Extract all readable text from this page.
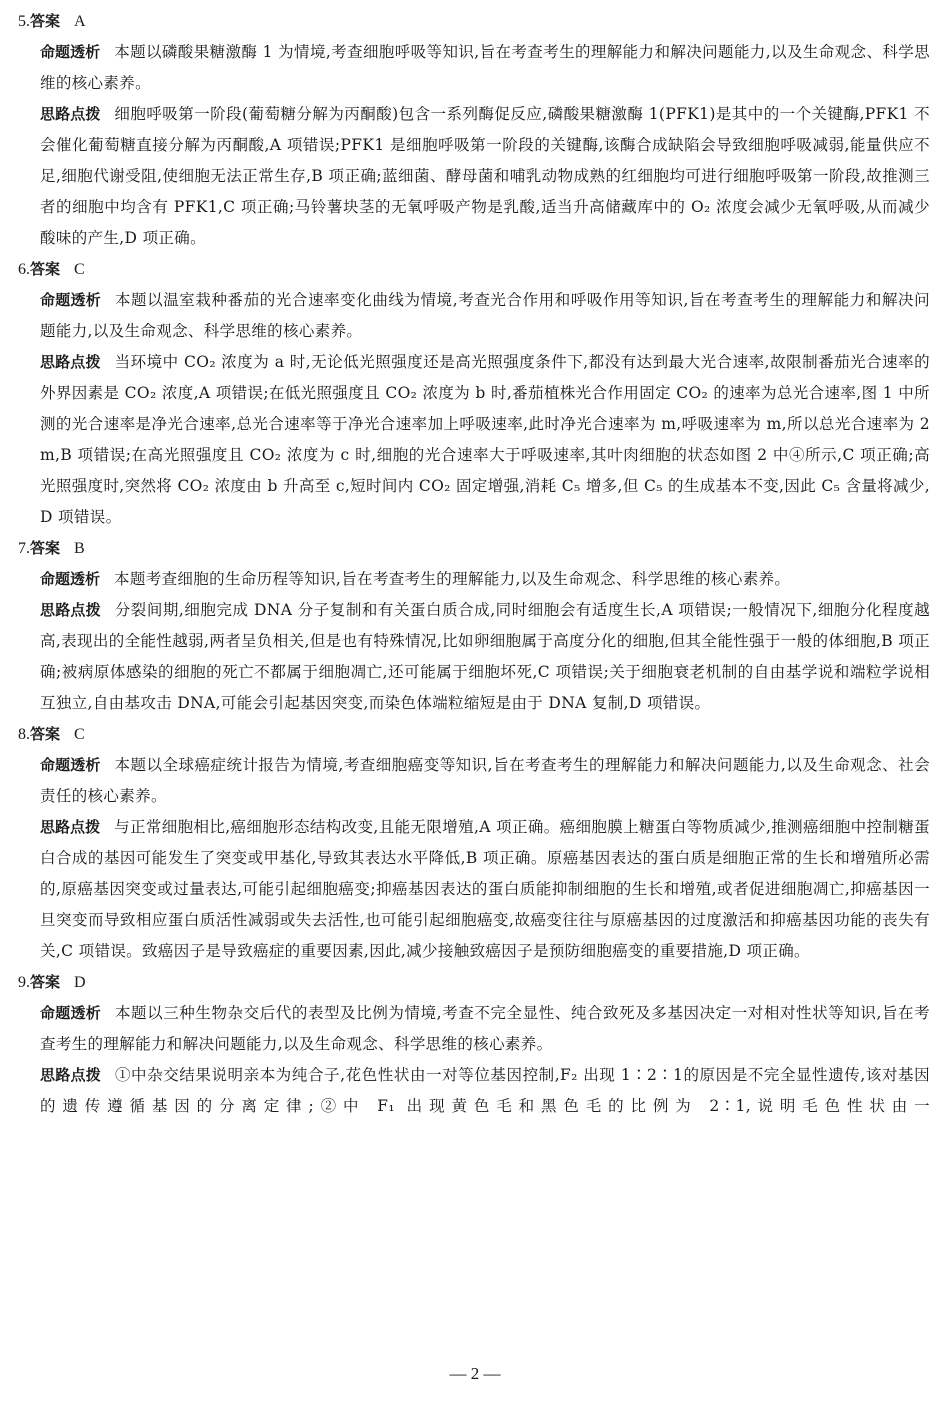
5.答案 A

命题透析 本题以磷酸果糖激酶 1 为情境,考查细胞呼吸等知识,旨在考查考生的理解能力和解决问题能力,以及生命观念、科学思维的核心素养。

思路点拨 细胞呼吸第一阶段(葡萄糖分解为丙酮酸)包含一系列酶促反应,磷酸果糖激酶 1(PFK1)是其中的一个关键酶,PFK1 不会催化葡萄糖直接分解为丙酮酸,A 项错误;PFK1 是细胞呼吸第一阶段的关键酶,该酶合成缺陷会导致细胞呼吸减弱,能量供应不足,细胞代谢受阻,使细胞无法正常生存,B 项正确;蓝细菌、酵母菌和哺乳动物成熟的红细胞均可进行细胞呼吸第一阶段,故推测三者的细胞中均含有 PFK1,C 项正确;马铃薯块茎的无氧呼吸产物是乳酸,适当升高储藏库中的 O₂ 浓度会减少无氧呼吸,从而减少酸味的产生,D 项正确。

6.答案 C

命题透析 本题以温室栽种番茄的光合速率变化曲线为情境,考查光合作用和呼吸作用等知识,旨在考查考生的理解能力和解决问题能力,以及生命观念、科学思维的核心素养。

思路点拨 当环境中 CO₂ 浓度为 a 时,无论低光照强度还是高光照强度条件下,都没有达到最大光合速率,故限制番茄光合速率的外界因素是 CO₂ 浓度,A 项错误;在低光照强度且 CO₂ 浓度为 b 时,番茄植株光合作用固定 CO₂ 的速率为总光合速率,图 1 中所测的光合速率是净光合速率,总光合速率等于净光合速率加上呼吸速率,此时净光合速率为 m,呼吸速率为 m,所以总光合速率为 2m,B 项错误;在高光照强度且 CO₂ 浓度为 c 时,细胞的光合速率大于呼吸速率,其叶肉细胞的状态如图 2 中④所示,C 项正确;高光照强度时,突然将 CO₂ 浓度由 b 升高至 c,短时间内 CO₂ 固定增强,消耗 C₅ 增多,但 C₅ 的生成基本不变,因此 C₅ 含量将减少,D 项错误。

7.答案 B

命题透析 本题考查细胞的生命历程等知识,旨在考查考生的理解能力,以及生命观念、科学思维的核心素养。

思路点拨 分裂间期,细胞完成 DNA 分子复制和有关蛋白质合成,同时细胞会有适度生长,A 项错误;一般情况下,细胞分化程度越高,表现出的全能性越弱,两者呈负相关,但是也有特殊情况,比如卵细胞属于高度分化的细胞,但其全能性强于一般的体细胞,B 项正确;被病原体感染的细胞的死亡不都属于细胞凋亡,还可能属于细胞坏死,C 项错误;关于细胞衰老机制的自由基学说和端粒学说相互独立,自由基攻击 DNA,可能会引起基因突变,而染色体端粒缩短是由于 DNA 复制,D 项错误。

8.答案 C

命题透析 本题以全球癌症统计报告为情境,考查细胞癌变等知识,旨在考查考生的理解能力和解决问题能力,以及生命观念、社会责任的核心素养。

思路点拨 与正常细胞相比,癌细胞形态结构改变,且能无限增殖,A 项正确。癌细胞膜上糖蛋白等物质减少,推测癌细胞中控制糖蛋白合成的基因可能发生了突变或甲基化,导致其表达水平降低,B 项正确。原癌基因表达的蛋白质是细胞正常的生长和增殖所必需的,原癌基因突变或过量表达,可能引起细胞癌变;抑癌基因表达的蛋白质能抑制细胞的生长和增殖,或者促进细胞凋亡,抑癌基因一旦突变而导致相应蛋白质活性减弱或失去活性,也可能引起细胞癌变,故癌变往往与原癌基因的过度激活和抑癌基因功能的丧失有关,C 项错误。致癌因子是导致癌症的重要因素,因此,减少接触致癌因子是预防细胞癌变的重要措施,D 项正确。

9.答案 D

命题透析 本题以三种生物杂交后代的表型及比例为情境,考查不完全显性、纯合致死及多基因决定一对相对性状等知识,旨在考查考生的理解能力和解决问题能力,以及生命观念、科学思维的核心素养。

思路点拨 ①中杂交结果说明亲本为纯合子,花色性状由一对等位基因控制,F₂ 出现 1∶2∶1的原因是不完全显性遗传,该对基因的遗传遵循基因的分离定律;②中 F₁ 出现黄色毛和黑色毛的比例为 2∶1,说明毛色性状由一

— 2 —
